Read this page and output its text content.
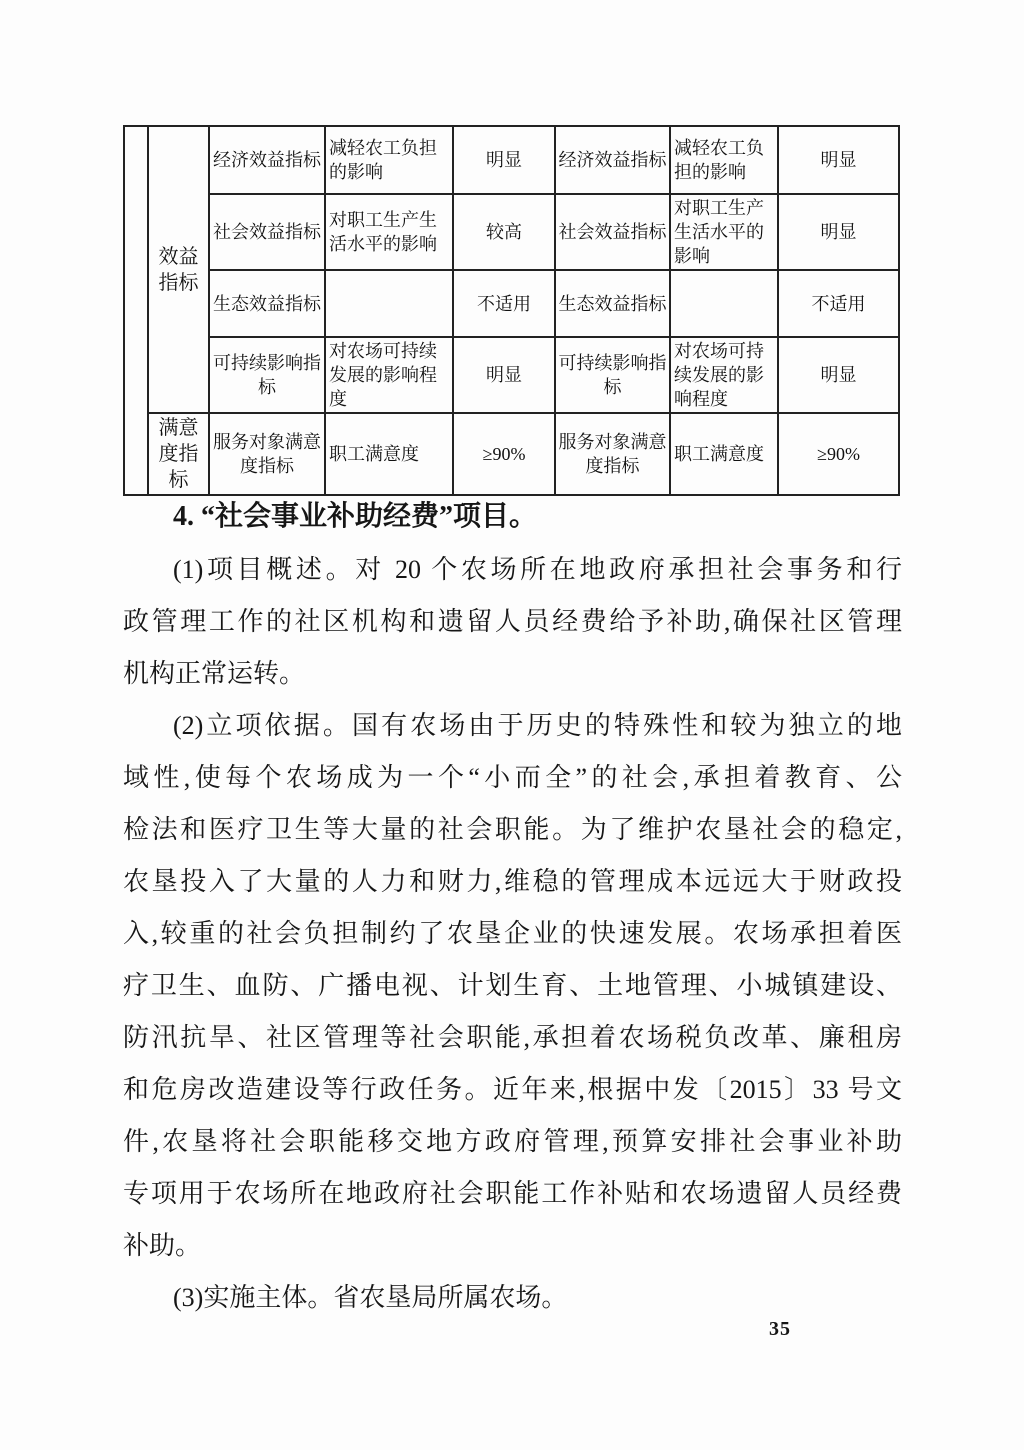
	效益指标	经济效益指标	减轻农工负担的影响	明显	经济效益指标	减轻农工负担的影响	明显
		社会效益指标	对职工生产生活水平的影响	较高	社会效益指标	对职工生产生活水平的影响	明显
		生态效益指标		不适用	生态效益指标		不适用
		可持续影响指标	对农场可持续发展的影响程度	明显	可持续影响指标	对农场可持续发展的影响程度	明显
	满意度指标	服务对象满意度指标	职工满意度	≥90%	服务对象满意度指标	职工满意度	≥90%
4. “社会事业补助经费”项目。
(1)项目概述。对 20 个农场所在地政府承担社会事务和行
政管理工作的社区机构和遗留人员经费给予补助,确保社区管理
机构正常运转。
(2)立项依据。国有农场由于历史的特殊性和较为独立的地
域性,使每个农场成为一个“小而全”的社会,承担着教育、公
检法和医疗卫生等大量的社会职能。为了维护农垦社会的稳定,
农垦投入了大量的人力和财力,维稳的管理成本远远大于财政投
入,较重的社会负担制约了农垦企业的快速发展。农场承担着医
疗卫生、血防、广播电视、计划生育、土地管理、小城镇建设、
防汛抗旱、社区管理等社会职能,承担着农场税负改革、廉租房
和危房改造建设等行政任务。近年来,根据中发〔2015〕33 号文
件,农垦将社会职能移交地方政府管理,预算安排社会事业补助
专项用于农场所在地政府社会职能工作补贴和农场遗留人员经费
补助。
(3)实施主体。省农垦局所属农场。
35
